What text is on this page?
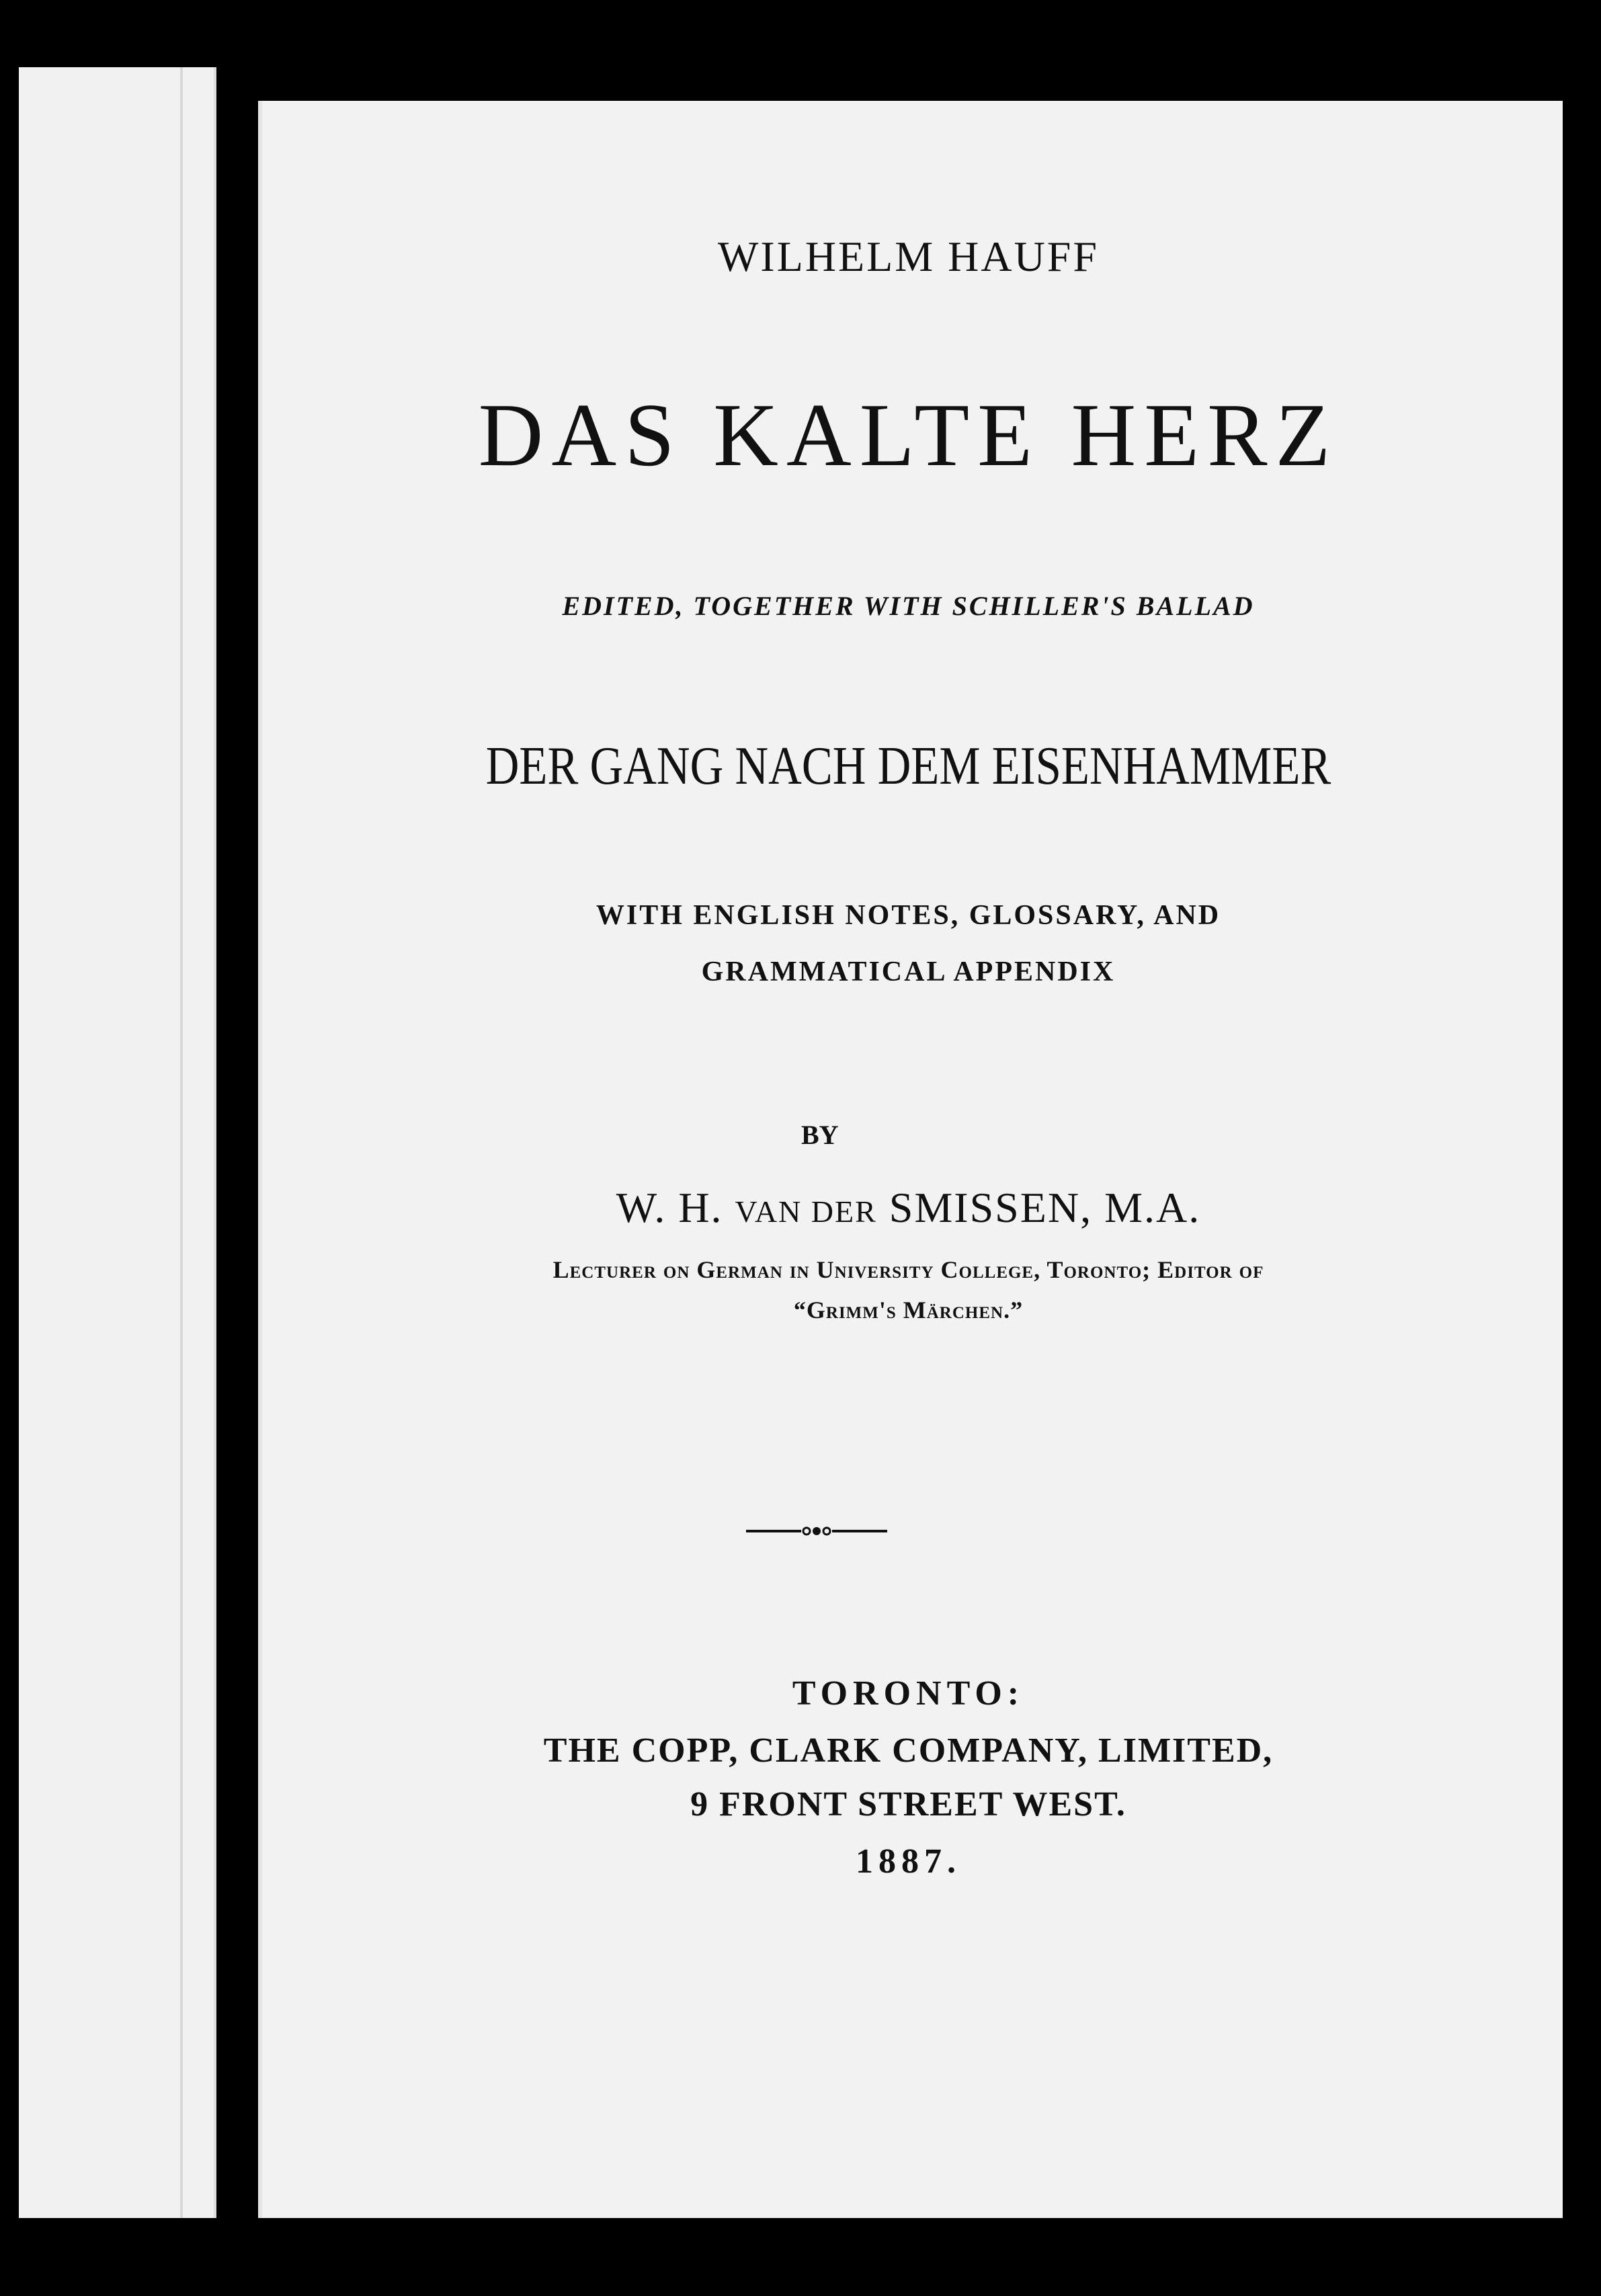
WILHELM HAUFF
DAS KALTE HERZ
EDITED, TOGETHER WITH SCHILLER'S BALLAD
DER GANG NACH DEM EISENHAMMER
WITH ENGLISH NOTES, GLOSSARY, AND
GRAMMATICAL APPENDIX
BY
W. H. VAN DER SMISSEN, M.A.
Lecturer on German in University College, Toronto; Editor of
“Grimm's Märchen.”
TORONTO:
THE COPP, CLARK COMPANY, LIMITED,
9 FRONT STREET WEST.
1887.
